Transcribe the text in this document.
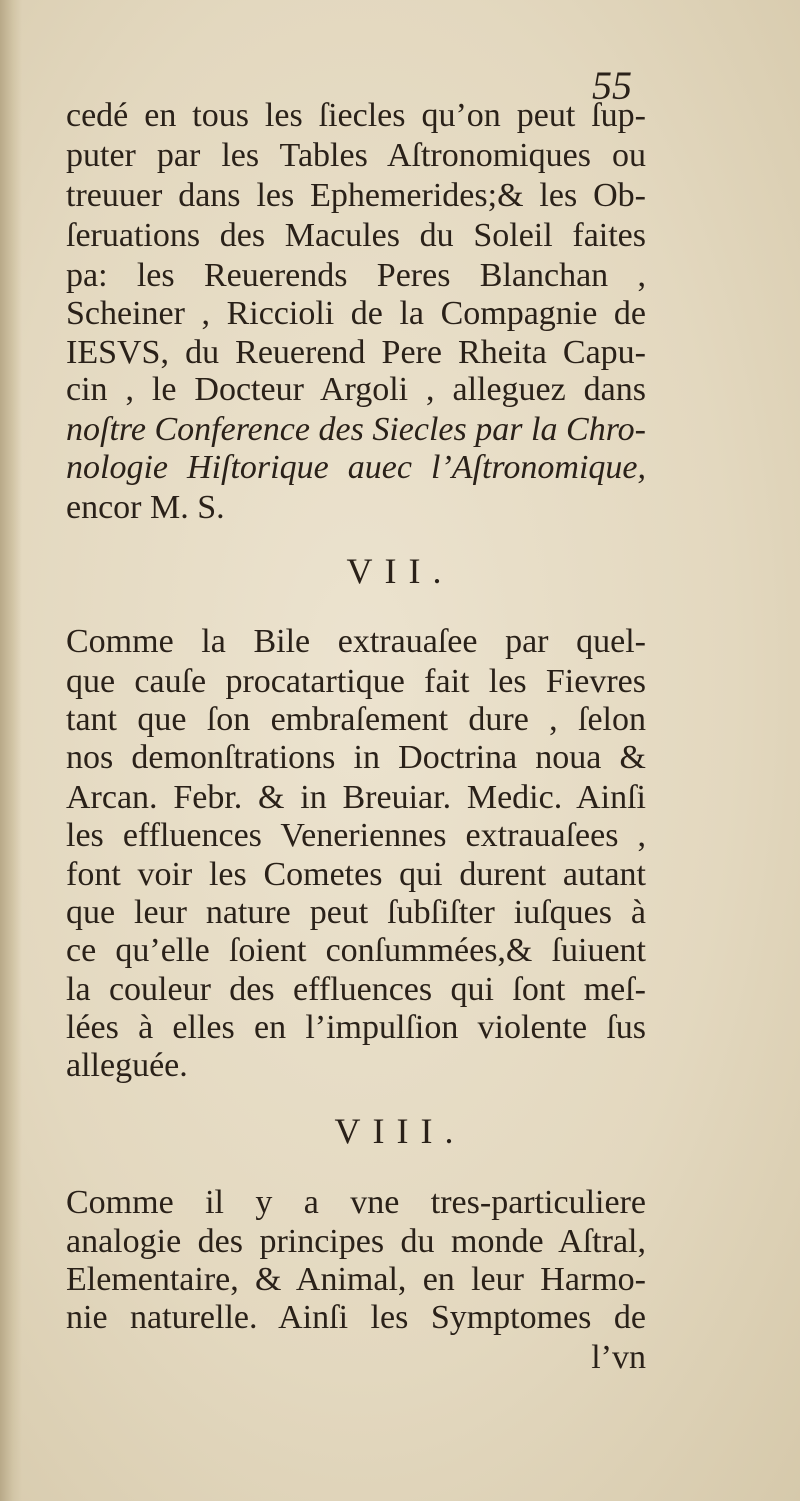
55
cedé en tous les ſiecles qu’on peut ſup-
puter par les Tables Aſtronomiques ou
treuuer dans les Ephemerides;& les Ob-
ſeruations des Macules du Soleil faites
pa: les Reuerends Peres Blanchan ,
Scheiner , Riccioli de la Compagnie de
IESVS, du Reuerend Pere Rheita Capu-
cin , le Docteur Argoli , alleguez dans
noſtre Conference des Siecles par la Chro-
nologie Hiſtorique auec l’Aſtronomique,
encor M. S.
VII.
Comme la Bile extrauaſee par quel-
que cauſe procatartique fait les Fievres
tant que ſon embraſement dure , ſelon
nos demonſtrations in Doctrina noua &
Arcan. Febr. & in Breuiar. Medic. Ainſi
les effluences Veneriennes extrauaſees ,
font voir les Cometes qui durent autant
que leur nature peut ſubſiſter iuſques à
ce qu’elle ſoient conſummées,& ſuiuent
la couleur des effluences qui ſont meſ-
lées à elles en l’impulſion violente ſus
alleguée.
VIII.
Comme il y a vne tres-particuliere
analogie des principes du monde Aſtral,
Elementaire, & Animal, en leur Harmo-
nie naturelle. Ainſi les Symptomes de
l’vn
